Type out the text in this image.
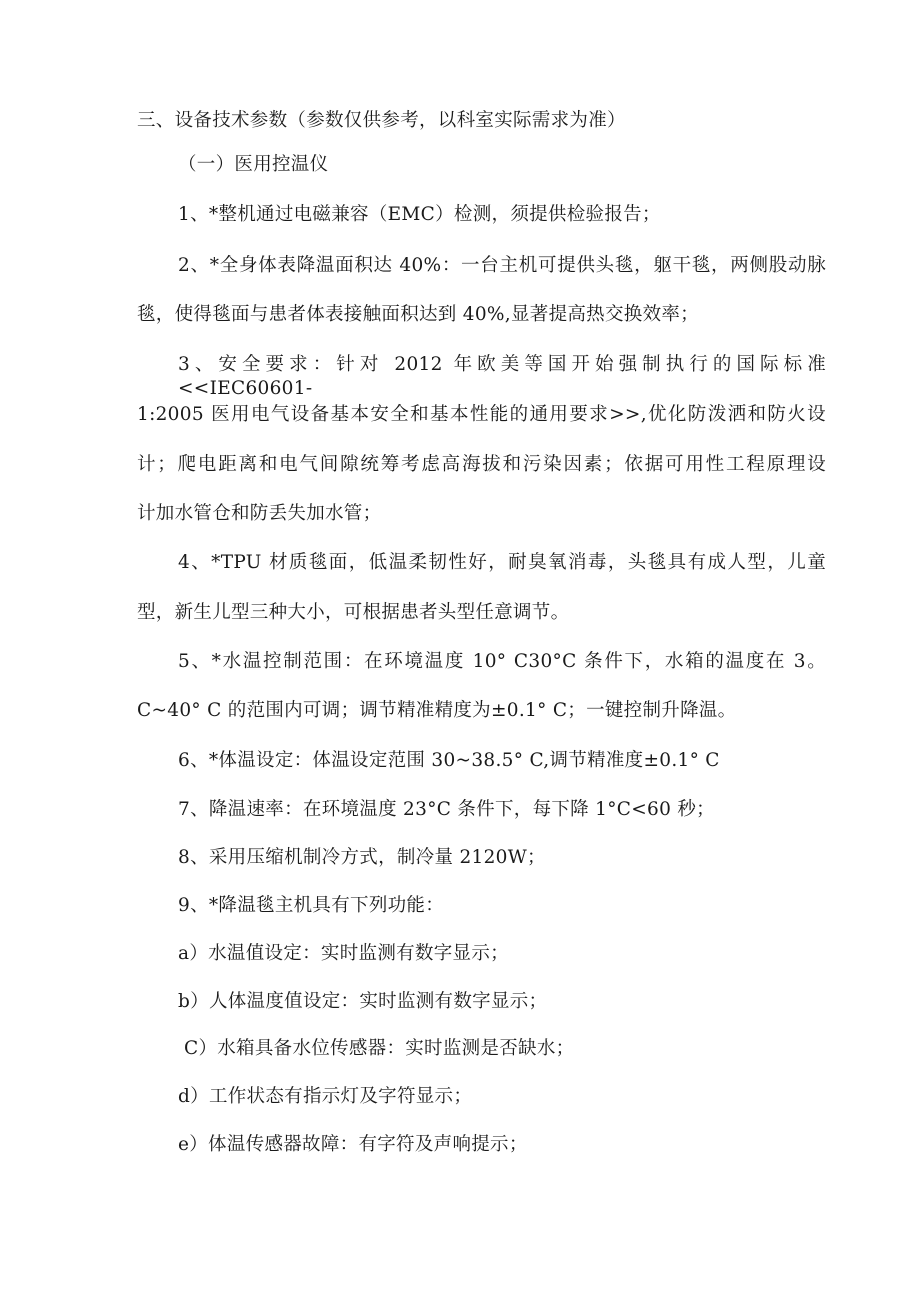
三、设备技术参数（参数仅供参考，以科室实际需求为准）
（一）医用控温仪
1、*整机通过电磁兼容（EMC）检测，须提供检验报告；
2、*全身体表降温面积达 40%：一台主机可提供头毯，躯干毯，两侧股动脉
毯，使得毯面与患者体表接触面积达到 40%,显著提高热交换效率；
3、安全要求：针对 2012 年欧美等国开始强制执行的国际标准<<IEC60601-
1:2005 医用电气设备基本安全和基本性能的通用要求>>,优化防泼洒和防火设
计；爬电距离和电气间隙统筹考虑高海拔和污染因素；依据可用性工程原理设
计加水管仓和防丢失加水管；
4、*TPU 材质毯面，低温柔韧性好，耐臭氧消毒，头毯具有成人型，儿童
型，新生儿型三种大小，可根据患者头型任意调节。
5、*水温控制范围：在环境温度 10° C30°C 条件下，水箱的温度在 3。
C~40° C 的范围内可调；调节精准精度为±0.1° C；一键控制升降温。
6、*体温设定：体温设定范围 30~38.5° C,调节精准度±0.1° C
7、降温速率：在环境温度 23°C 条件下，每下降 1°C<60 秒；
8、采用压缩机制冷方式，制冷量 2120W；
9、*降温毯主机具有下列功能：
a）水温值设定：实时监测有数字显示；
b）人体温度值设定：实时监测有数字显示；
C）水箱具备水位传感器：实时监测是否缺水；
d）工作状态有指示灯及字符显示；
e）体温传感器故障：有字符及声响提示；
